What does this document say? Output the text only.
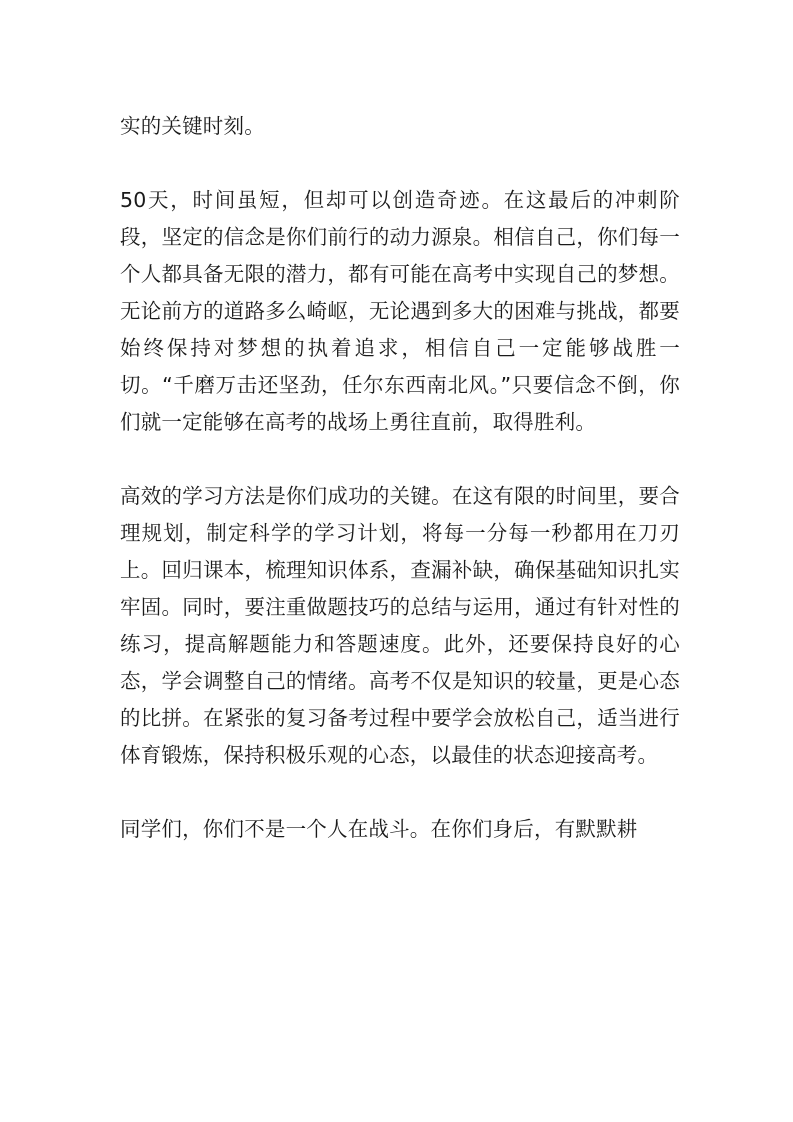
实的关键时刻。

50天，时间虽短，但却可以创造奇迹。在这最后的冲刺阶段，坚定的信念是你们前行的动力源泉。相信自己，你们每一个人都具备无限的潜力，都有可能在高考中实现自己的梦想。无论前方的道路多么崎岖，无论遇到多大的困难与挑战，都要始终保持对梦想的执着追求，相信自己一定能够战胜一切。“千磨万击还坚劲，任尔东西南北风。”只要信念不倒，你们就一定能够在高考的战场上勇往直前，取得胜利。

高效的学习方法是你们成功的关键。在这有限的时间里，要合理规划，制定科学的学习计划，将每一分每一秒都用在刀刃上。回归课本，梳理知识体系，查漏补缺，确保基础知识扎实牢固。同时，要注重做题技巧的总结与运用，通过有针对性的练习，提高解题能力和答题速度。此外，还要保持良好的心态，学会调整自己的情绪。高考不仅是知识的较量，更是心态的比拼。在紧张的复习备考过程中要学会放松自己，适当进行体育锻炼，保持积极乐观的心态，以最佳的状态迎接高考。

同学们，你们不是一个人在战斗。在你们身后，有默默耕
